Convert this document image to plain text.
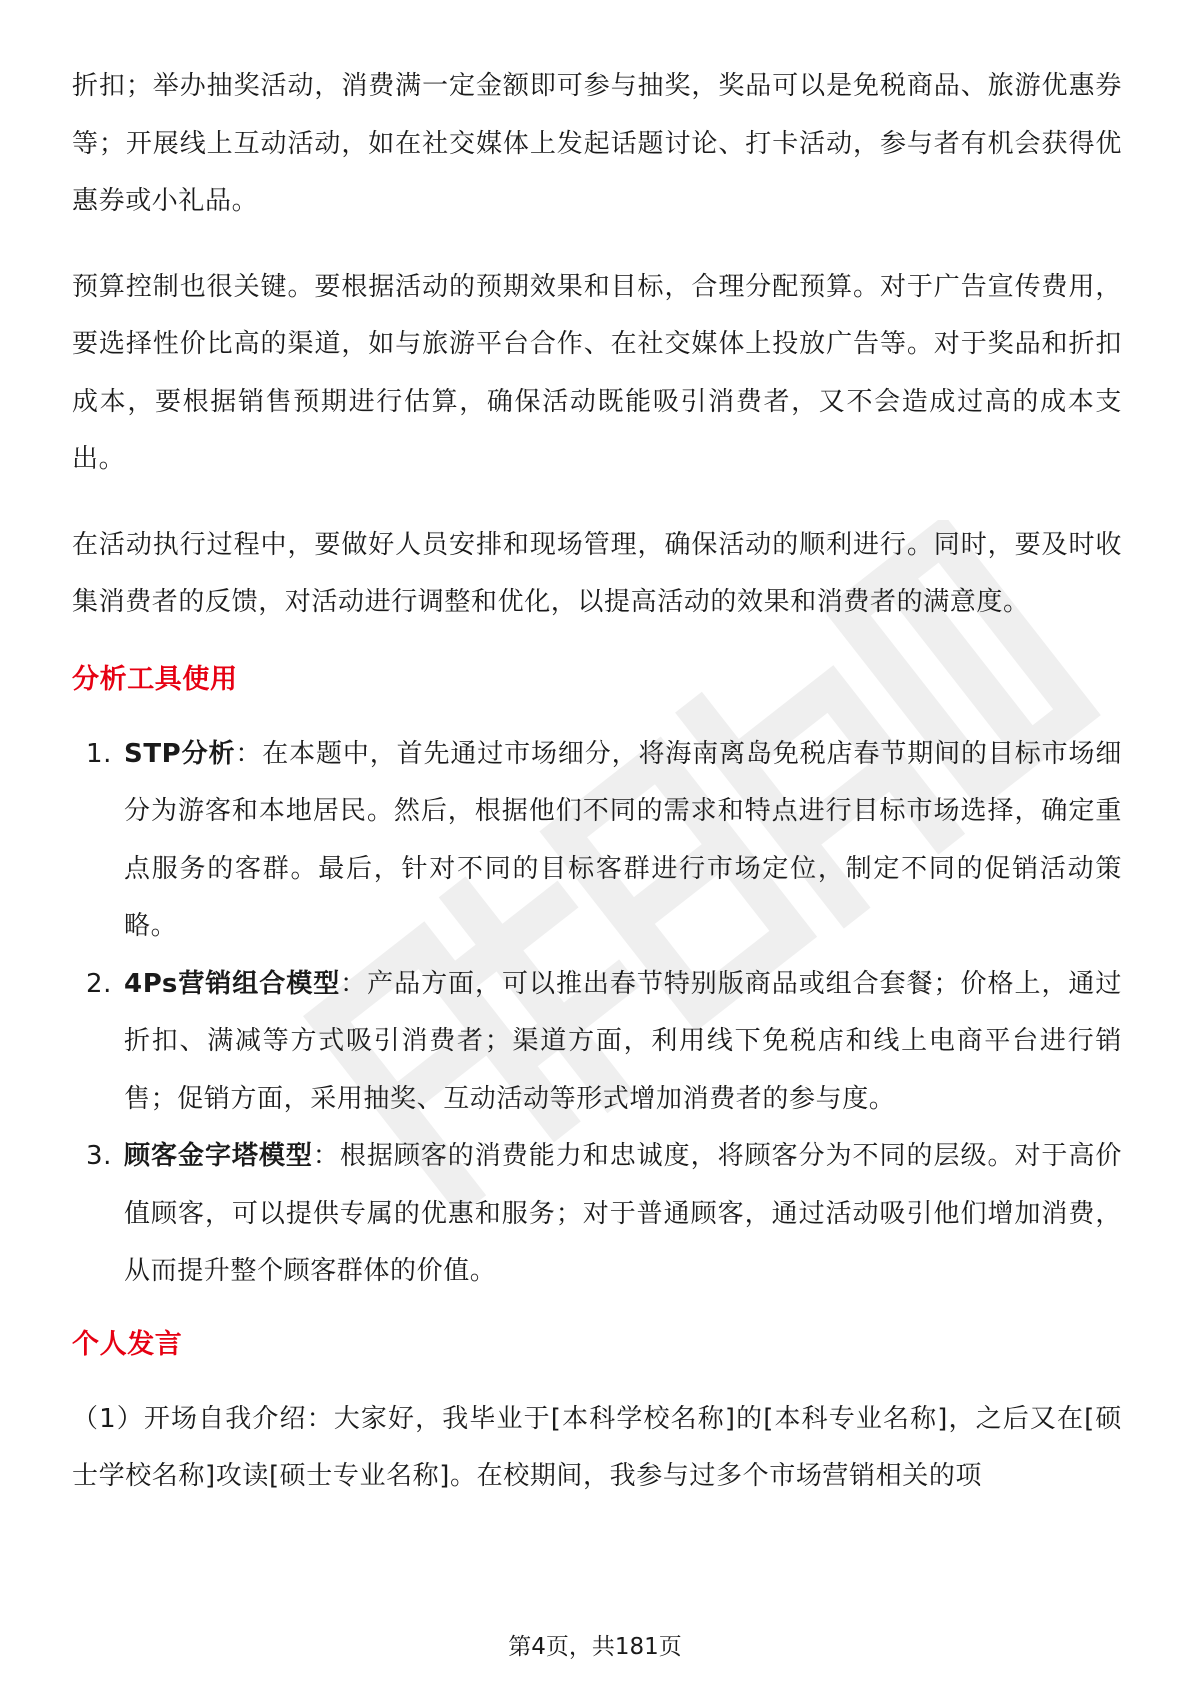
折扣；举办抽奖活动，消费满一定金额即可参与抽奖，奖品可以是免税商品、旅游优惠券等；开展线上互动活动，如在社交媒体上发起话题讨论、打卡活动，参与者有机会获得优惠券或小礼品。

预算控制也很关键。要根据活动的预期效果和目标，合理分配预算。对于广告宣传费用，要选择性价比高的渠道，如与旅游平台合作、在社交媒体上投放广告等。对于奖品和折扣成本，要根据销售预期进行估算，确保活动既能吸引消费者，又不会造成过高的成本支出。

在活动执行过程中，要做好人员安排和现场管理，确保活动的顺利进行。同时，要及时收集消费者的反馈，对活动进行调整和优化，以提高活动的效果和消费者的满意度。

分析工具使用
1. STP分析：在本题中，首先通过市场细分，将海南离岛免税店春节期间的目标市场细分为游客和本地居民。然后，根据他们不同的需求和特点进行目标市场选择，确定重点服务的客群。最后，针对不同的目标客群进行市场定位，制定不同的促销活动策略。
2. 4Ps营销组合模型：产品方面，可以推出春节特别版商品或组合套餐；价格上，通过折扣、满减等方式吸引消费者；渠道方面，利用线下免税店和线上电商平台进行销售；促销方面，采用抽奖、互动活动等形式增加消费者的参与度。
3. 顾客金字塔模型：根据顾客的消费能力和忠诚度，将顾客分为不同的层级。对于高价值顾客，可以提供专属的优惠和服务；对于普通顾客，通过活动吸引他们增加消费，从而提升整个顾客群体的价值。
个人发言

（1）开场自我介绍：大家好，我毕业于[本科学校名称]的[本科专业名称]，之后又在[硕士学校名称]攻读[硕士专业名称]。在校期间，我参与过多个市场营销相关的项

第4页，共181页
